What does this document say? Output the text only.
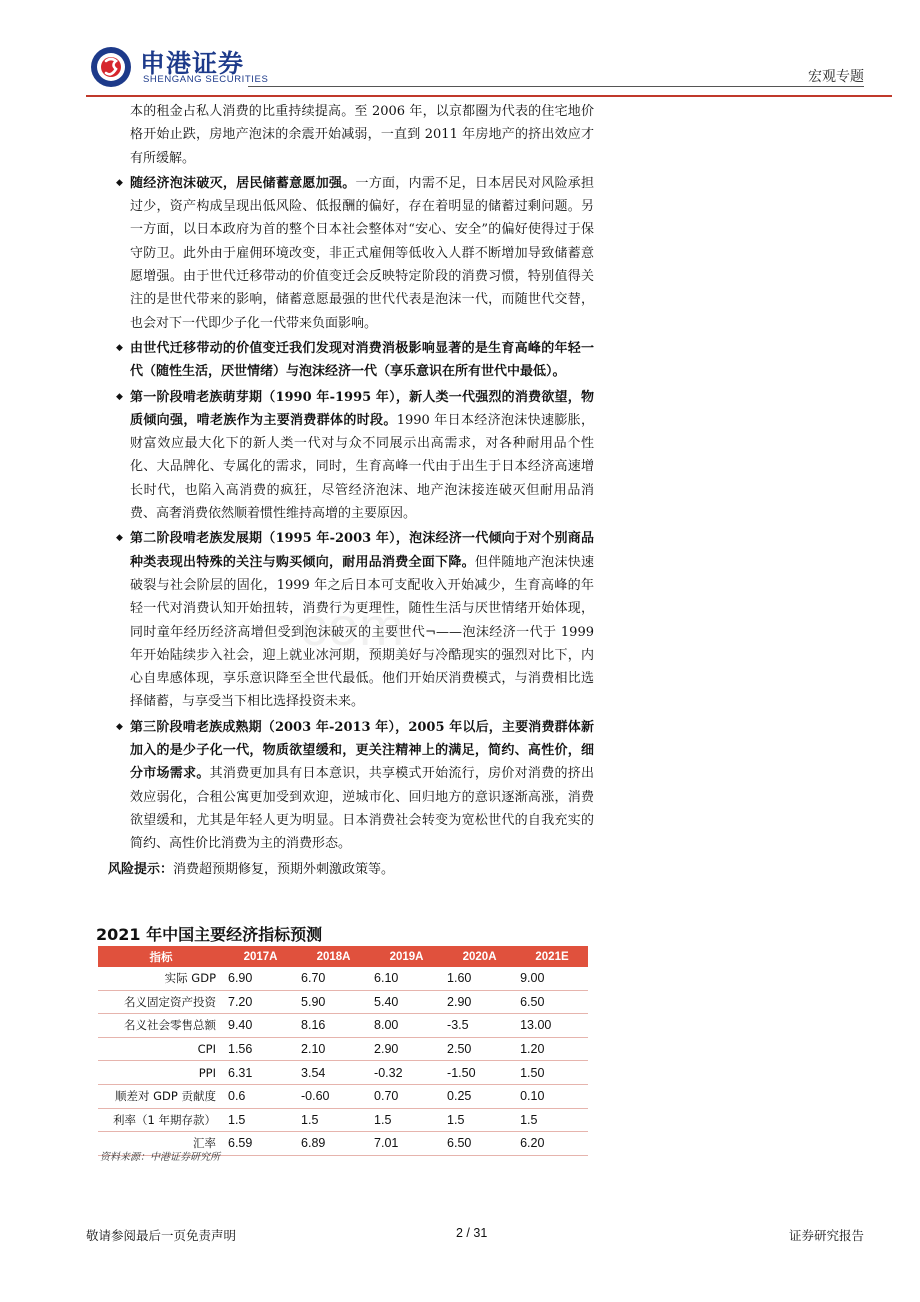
申港证券
SHENGANG SECURITIES	宏观专题
com
本的租金占私人消费的比重持续提高。至 2006 年，以京都圈为代表的住宅地价格开始止跌，房地产泡沫的余震开始减弱，一直到 2011 年房地产的挤出效应才有所缓解。
◆ 随经济泡沫破灭，居民储蓄意愿加强。一方面，内需不足，日本居民对风险承担过少，资产构成呈现出低风险、低报酬的偏好，存在着明显的储蓄过剩问题。另一方面，以日本政府为首的整个日本社会整体对“安心、安全”的偏好使得过于保守防卫。此外由于雇佣环境改变，非正式雇佣等低收入人群不断增加导致储蓄意愿增强。由于世代迁移带动的价值变迁会反映特定阶段的消费习惯，特别值得关注的是世代带来的影响，储蓄意愿最强的世代代表是泡沫一代，而随世代交替，也会对下一代即少子化一代带来负面影响。
◆ 由世代迁移带动的价值变迁我们发现对消费消极影响显著的是生育高峰的年轻一代（随性生活，厌世情绪）与泡沫经济一代（享乐意识在所有世代中最低）。
◆ 第一阶段啃老族萌芽期（1990 年-1995 年），新人类一代强烈的消费欲望，物质倾向强，啃老族作为主要消费群体的时段。1990 年日本经济泡沫快速膨胀，财富效应最大化下的新人类一代对与众不同展示出高需求，对各种耐用品个性化、大品牌化、专属化的需求，同时，生育高峰一代由于出生于日本经济高速增长时代，也陷入高消费的疯狂，尽管经济泡沫、地产泡沫接连破灭但耐用品消费、高奢消费依然顺着惯性维持高增的主要原因。
◆ 第二阶段啃老族发展期（1995 年-2003 年），泡沫经济一代倾向于对个别商品种类表现出特殊的关注与购买倾向，耐用品消费全面下降。但伴随地产泡沫快速破裂与社会阶层的固化，1999 年之后日本可支配收入开始减少，生育高峰的年轻一代对消费认知开始扭转，消费行为更理性，随性生活与厌世情绪开始体现，同时童年经历经济高增但受到泡沫破灭的主要世代¬——泡沫经济一代于 1999 年开始陆续步入社会，迎上就业冰河期，预期美好与冷酷现实的强烈对比下，内心自卑感体现，享乐意识降至全世代最低。他们开始厌消费模式，与消费相比选择储蓄，与享受当下相比选择投资未来。
◆ 第三阶段啃老族成熟期（2003 年-2013 年），2005 年以后，主要消费群体新加入的是少子化一代，物质欲望缓和，更关注精神上的满足，简约、高性价，细分市场需求。其消费更加具有日本意识，共享模式开始流行，房价对消费的挤出效应弱化，合租公寓更加受到欢迎，逆城市化、回归地方的意识逐渐高涨，消费欲望缓和，尤其是年轻人更为明显。日本消费社会转变为宽松世代的自我充实的简约、高性价比消费为主的消费形态。
风险提示：消费超预期修复，预期外刺激政策等。
2021 年中国主要经济指标预测
指标	2017A	2018A	2019A	2020A	2021E
实际 GDP	6.90	6.70	6.10	1.60	9.00
名义固定资产投资	7.20	5.90	5.40	2.90	6.50
名义社会零售总额	9.40	8.16	8.00	-3.5	13.00
CPI	1.56	2.10	2.90	2.50	1.20
PPI	6.31	3.54	-0.32	-1.50	1.50
顺差对 GDP 贡献度	0.6	-0.60	0.70	0.25	0.10
利率（1 年期存款）	1.5	1.5	1.5	1.5	1.5
汇率	6.59	6.89	7.01	6.50	6.20
资料来源：中港证券研究所
敬请参阅最后一页免责声明	2 / 31	证券研究报告
